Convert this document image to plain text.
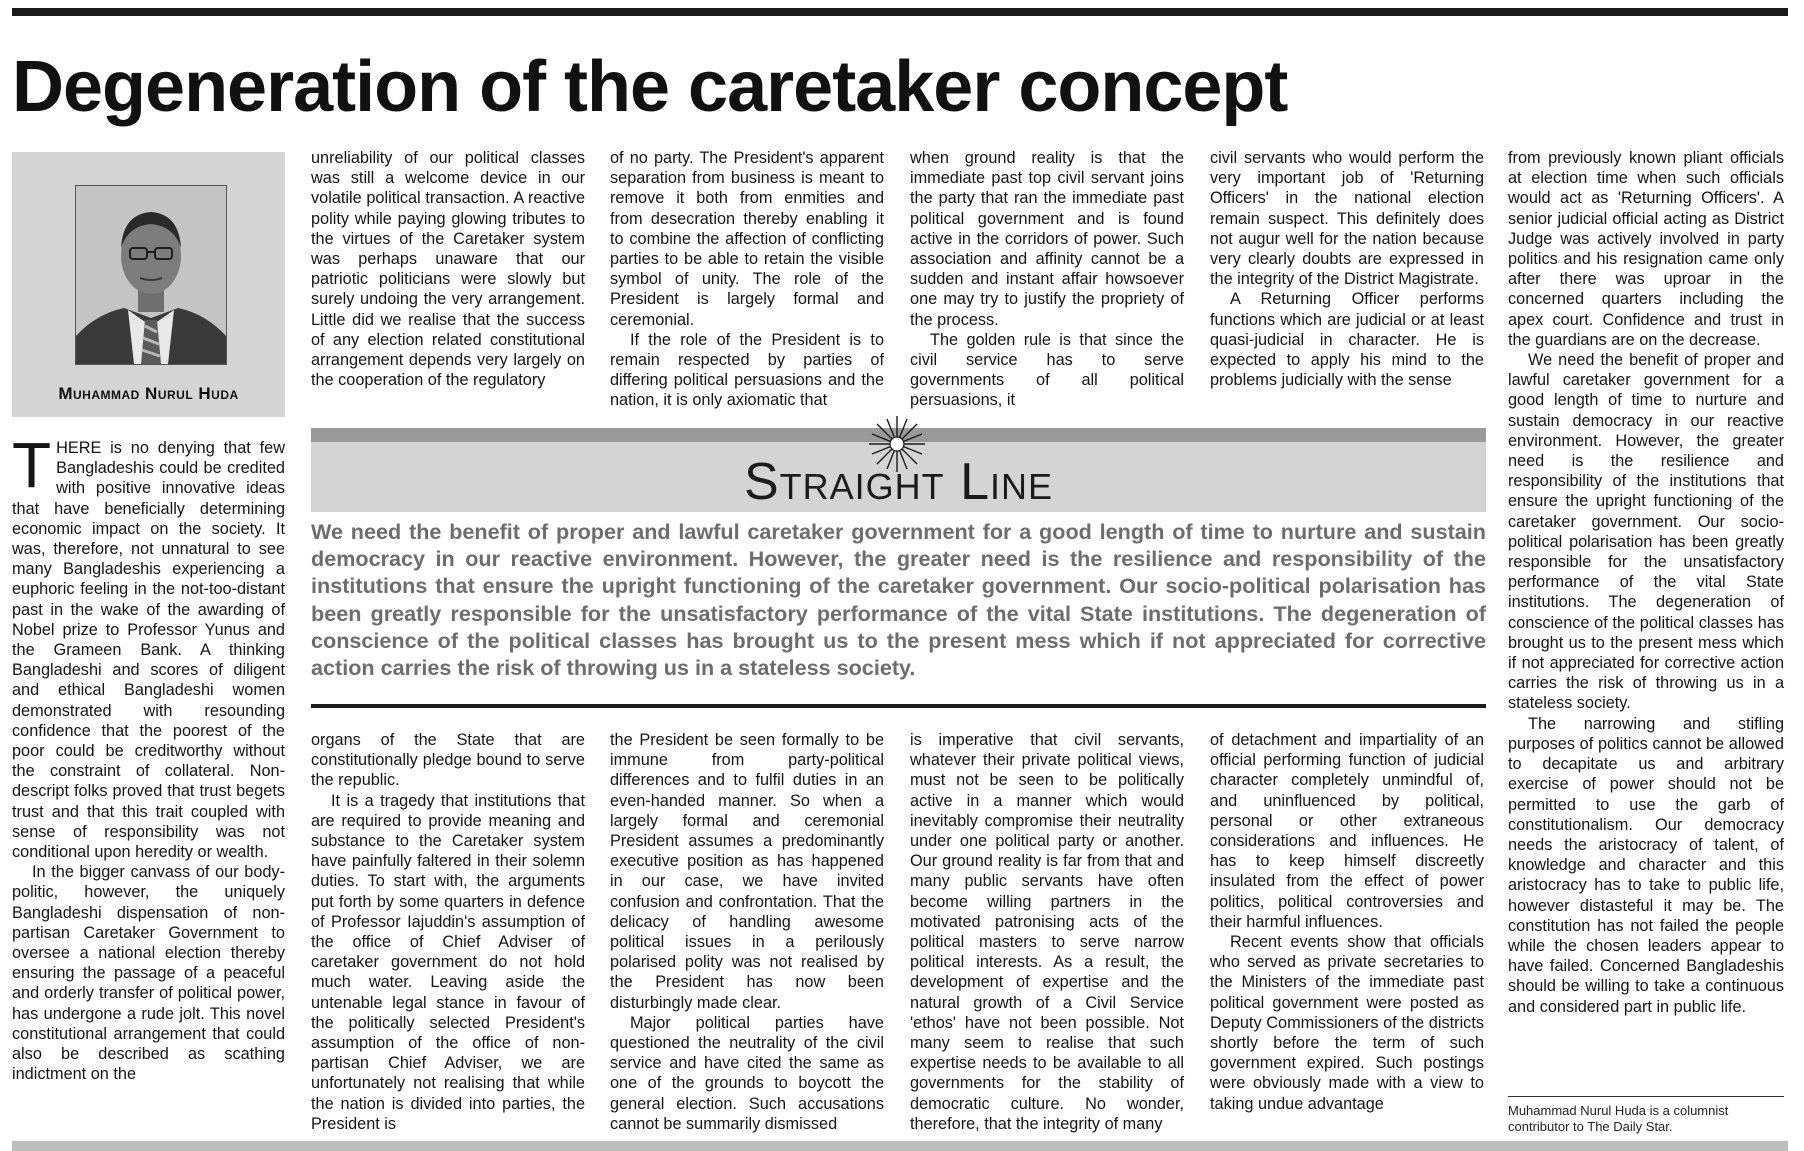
Degeneration of the caretaker concept
Muhammad Nurul Huda

THERE is no denying that few Bangladeshis could be credited with positive innovative ideas that have beneficially determining economic impact on the society. It was, therefore, not unnatural to see many Bangladeshis experiencing a euphoric feeling in the not-too-distant past in the wake of the awarding of Nobel prize to Professor Yunus and the Grameen Bank. A thinking Bangladeshi and scores of diligent and ethical Bangladeshi women demonstrated with resounding confidence that the poorest of the poor could be creditworthy without the constraint of collateral. Non-descript folks proved that trust begets trust and that this trait coupled with sense of responsibility was not conditional upon heredity or wealth.

In the bigger canvass of our body-politic, however, the uniquely Bangladeshi dispensation of non-partisan Caretaker Government to oversee a national election thereby ensuring the passage of a peaceful and orderly transfer of political power, has undergone a rude jolt. This novel constitutional arrangement that could also be described as scathing indictment on the

unreliability of our political classes was still a welcome device in our volatile political transaction. A reactive polity while paying glowing tributes to the virtues of the Caretaker system was perhaps unaware that our patriotic politicians were slowly but surely undoing the very arrangement. Little did we realise that the success of any election related constitutional arrangement depends very largely on the cooperation of the regulatory

of no party. The President's apparent separation from business is meant to remove it both from enmities and from desecration thereby enabling it to combine the affection of conflicting parties to be able to retain the visible symbol of unity. The role of the President is largely formal and ceremonial.

If the role of the President is to remain respected by parties of differing political persuasions and the nation, it is only axiomatic that

when ground reality is that the immediate past top civil servant joins the party that ran the immediate past political government and is found active in the corridors of power. Such association and affinity cannot be a sudden and instant affair howsoever one may try to justify the propriety of the process.

The golden rule is that since the civil service has to serve governments of all political persuasions, it

civil servants who would perform the very important job of 'Returning Officers' in the national election remain suspect. This definitely does not augur well for the nation because very clearly doubts are expressed in the integrity of the District Magistrate.

A Returning Officer performs functions which are judicial or at least quasi-judicial in character. He is expected to apply his mind to the problems judicially with the sense

Straight Line

We need the benefit of proper and lawful caretaker government for a good length of time to nurture and sustain democracy in our reactive environment. However, the greater need is the resilience and responsibility of the institutions that ensure the upright functioning of the caretaker government. Our socio-political polarisation has been greatly responsible for the unsatisfactory performance of the vital State institutions. The degeneration of conscience of the political classes has brought us to the present mess which if not appreciated for corrective action carries the risk of throwing us in a stateless society.

organs of the State that are constitutionally pledge bound to serve the republic.

It is a tragedy that institutions that are required to provide meaning and substance to the Caretaker system have painfully faltered in their solemn duties. To start with, the arguments put forth by some quarters in defence of Professor Iajuddin's assumption of the office of Chief Adviser of caretaker government do not hold much water. Leaving aside the untenable legal stance in favour of the politically selected President's assumption of the office of non-partisan Chief Adviser, we are unfortunately not realising that while the nation is divided into parties, the President is

the President be seen formally to be immune from party-political differences and to fulfil duties in an even-handed manner. So when a largely formal and ceremonial President assumes a predominantly executive position as has happened in our case, we have invited confusion and confrontation. That the delicacy of handling awesome political issues in a perilously polarised polity was not realised by the President has now been disturbingly made clear.

Major political parties have questioned the neutrality of the civil service and have cited the same as one of the grounds to boycott the general election. Such accusations cannot be summarily dismissed

is imperative that civil servants, whatever their private political views, must not be seen to be politically active in a manner which would inevitably compromise their neutrality under one political party or another. Our ground reality is far from that and many public servants have often become willing partners in the motivated patronising acts of the political masters to serve narrow political interests. As a result, the development of expertise and the natural growth of a Civil Service 'ethos' have not been possible. Not many seem to realise that such expertise needs to be available to all governments for the stability of democratic culture. No wonder, therefore, that the integrity of many

of detachment and impartiality of an official performing function of judicial character completely unmindful of, and uninfluenced by political, personal or other extraneous considerations and influences. He has to keep himself discreetly insulated from the effect of power politics, political controversies and their harmful influences.

Recent events show that officials who served as private secretaries to the Ministers of the immediate past political government were posted as Deputy Commissioners of the districts shortly before the term of such government expired. Such postings were obviously made with a view to taking undue advantage

from previously known pliant officials at election time when such officials would act as 'Returning Officers'. A senior judicial official acting as District Judge was actively involved in party politics and his resignation came only after there was uproar in the concerned quarters including the apex court. Confidence and trust in the guardians are on the decrease.

We need the benefit of proper and lawful caretaker government for a good length of time to nurture and sustain democracy in our reactive environment. However, the greater need is the resilience and responsibility of the institutions that ensure the upright functioning of the caretaker government. Our socio-political polarisation has been greatly responsible for the unsatisfactory performance of the vital State institutions. The degeneration of conscience of the political classes has brought us to the present mess which if not appreciated for corrective action carries the risk of throwing us in a stateless society.

The narrowing and stifling purposes of politics cannot be allowed to decapitate us and arbitrary exercise of power should not be permitted to use the garb of constitutionalism. Our democracy needs the aristocracy of talent, of knowledge and character and this aristocracy has to take to public life, however distasteful it may be. The constitution has not failed the people while the chosen leaders appear to have failed. Concerned Bangladeshis should be willing to take a continuous and considered part in public life.

Muhammad Nurul Huda is a columnist contributor to The Daily Star.
